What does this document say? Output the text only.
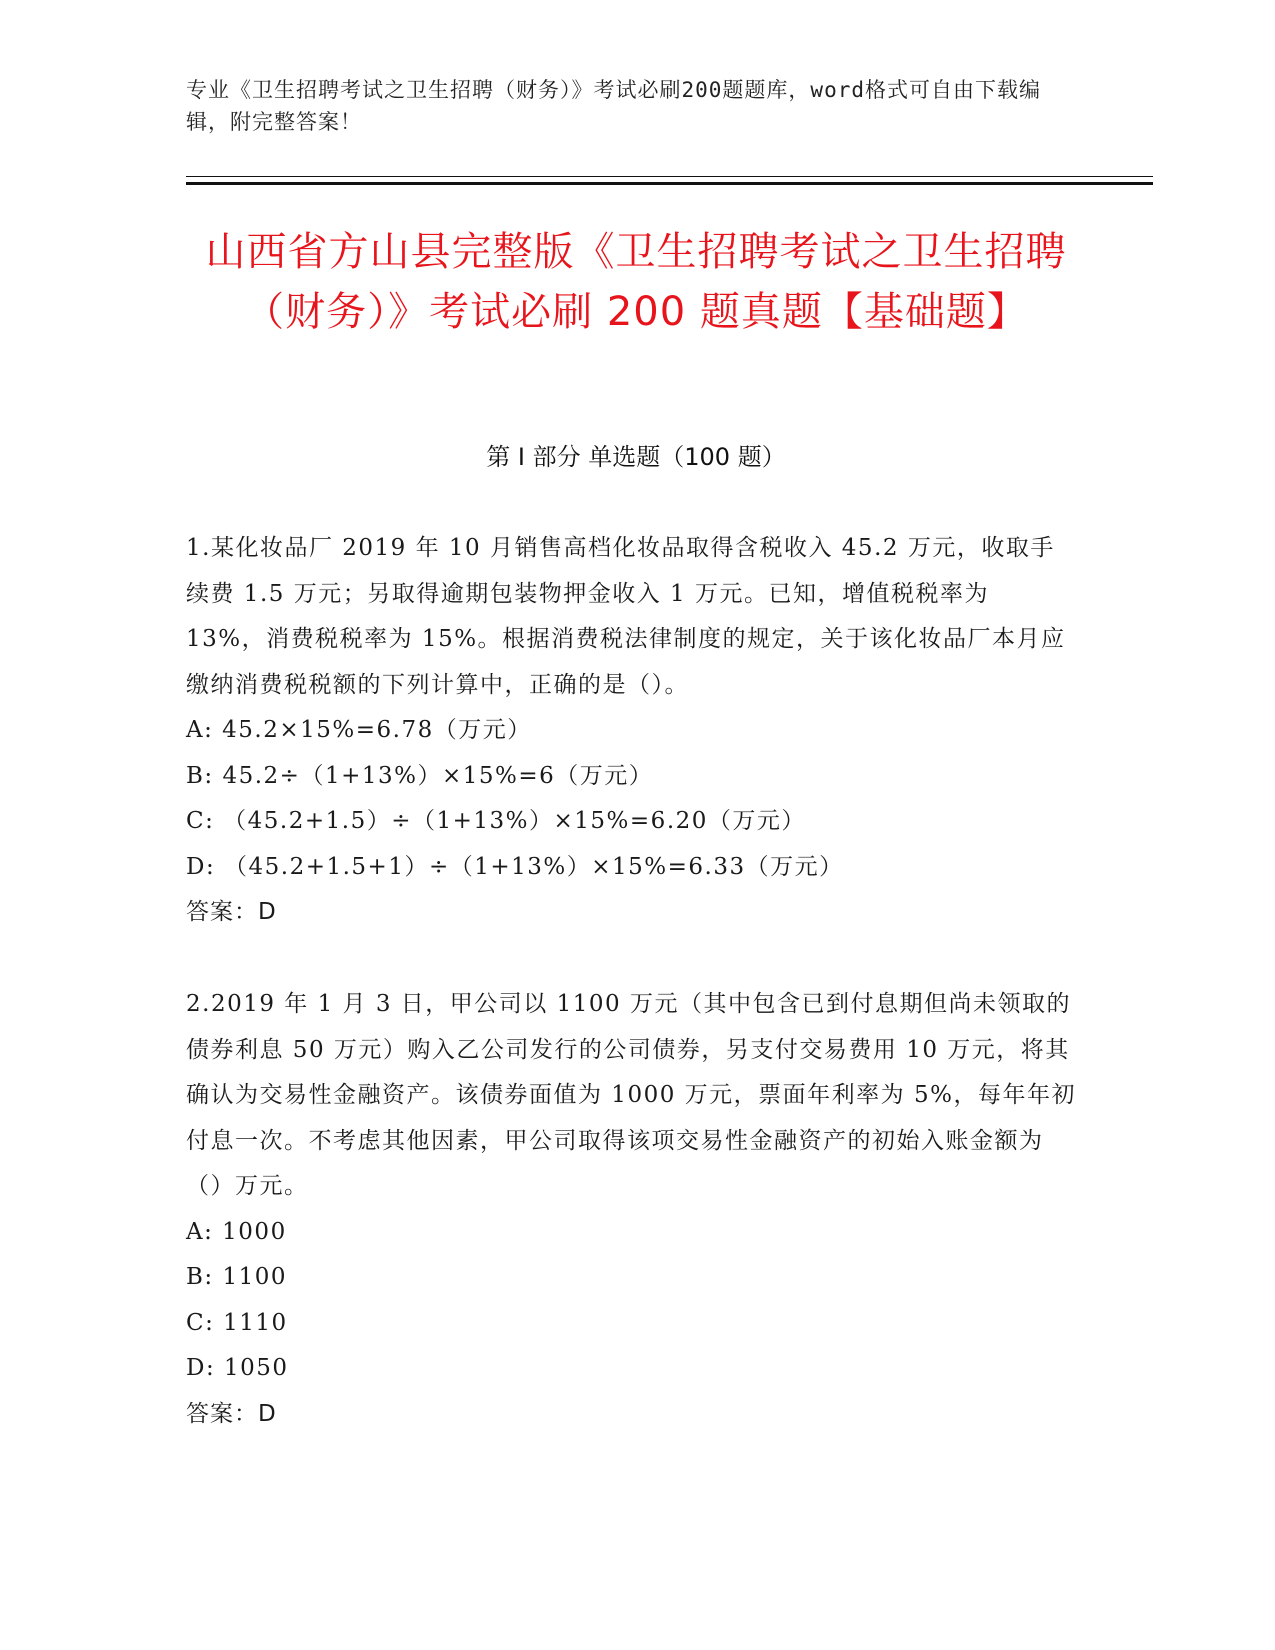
专业《卫生招聘考试之卫生招聘（财务）》考试必刷200题题库，word格式可自由下载编辑，附完整答案！
山西省方山县完整版《卫生招聘考试之卫生招聘（财务）》考试必刷 200 题真题【基础题】
第 I 部分 单选题（100 题）

1.某化妆品厂 2019 年 10 月销售高档化妆品取得含税收入 45.2 万元，收取手续费 1.5 万元；另取得逾期包装物押金收入 1 万元。已知，增值税税率为 13%，消费税税率为 15%。根据消费税法律制度的规定，关于该化妆品厂本月应缴纳消费税税额的下列计算中，正确的是（）。

A: 45.2×15%=6.78（万元）

B: 45.2÷（1+13%）×15%=6（万元）

C: （45.2+1.5）÷（1+13%）×15%=6.20（万元）

D: （45.2+1.5+1）÷（1+13%）×15%=6.33（万元）

答案：D

2.2019 年 1 月 3 日，甲公司以 1100 万元（其中包含已到付息期但尚未领取的债券利息 50 万元）购入乙公司发行的公司债券，另支付交易费用 10 万元，将其确认为交易性金融资产。该债券面值为 1000 万元，票面年利率为 5%，每年年初付息一次。不考虑其他因素，甲公司取得该项交易性金融资产的初始入账金额为（）万元。

A: 1000

B: 1100

C: 1110

D: 1050

答案：D
